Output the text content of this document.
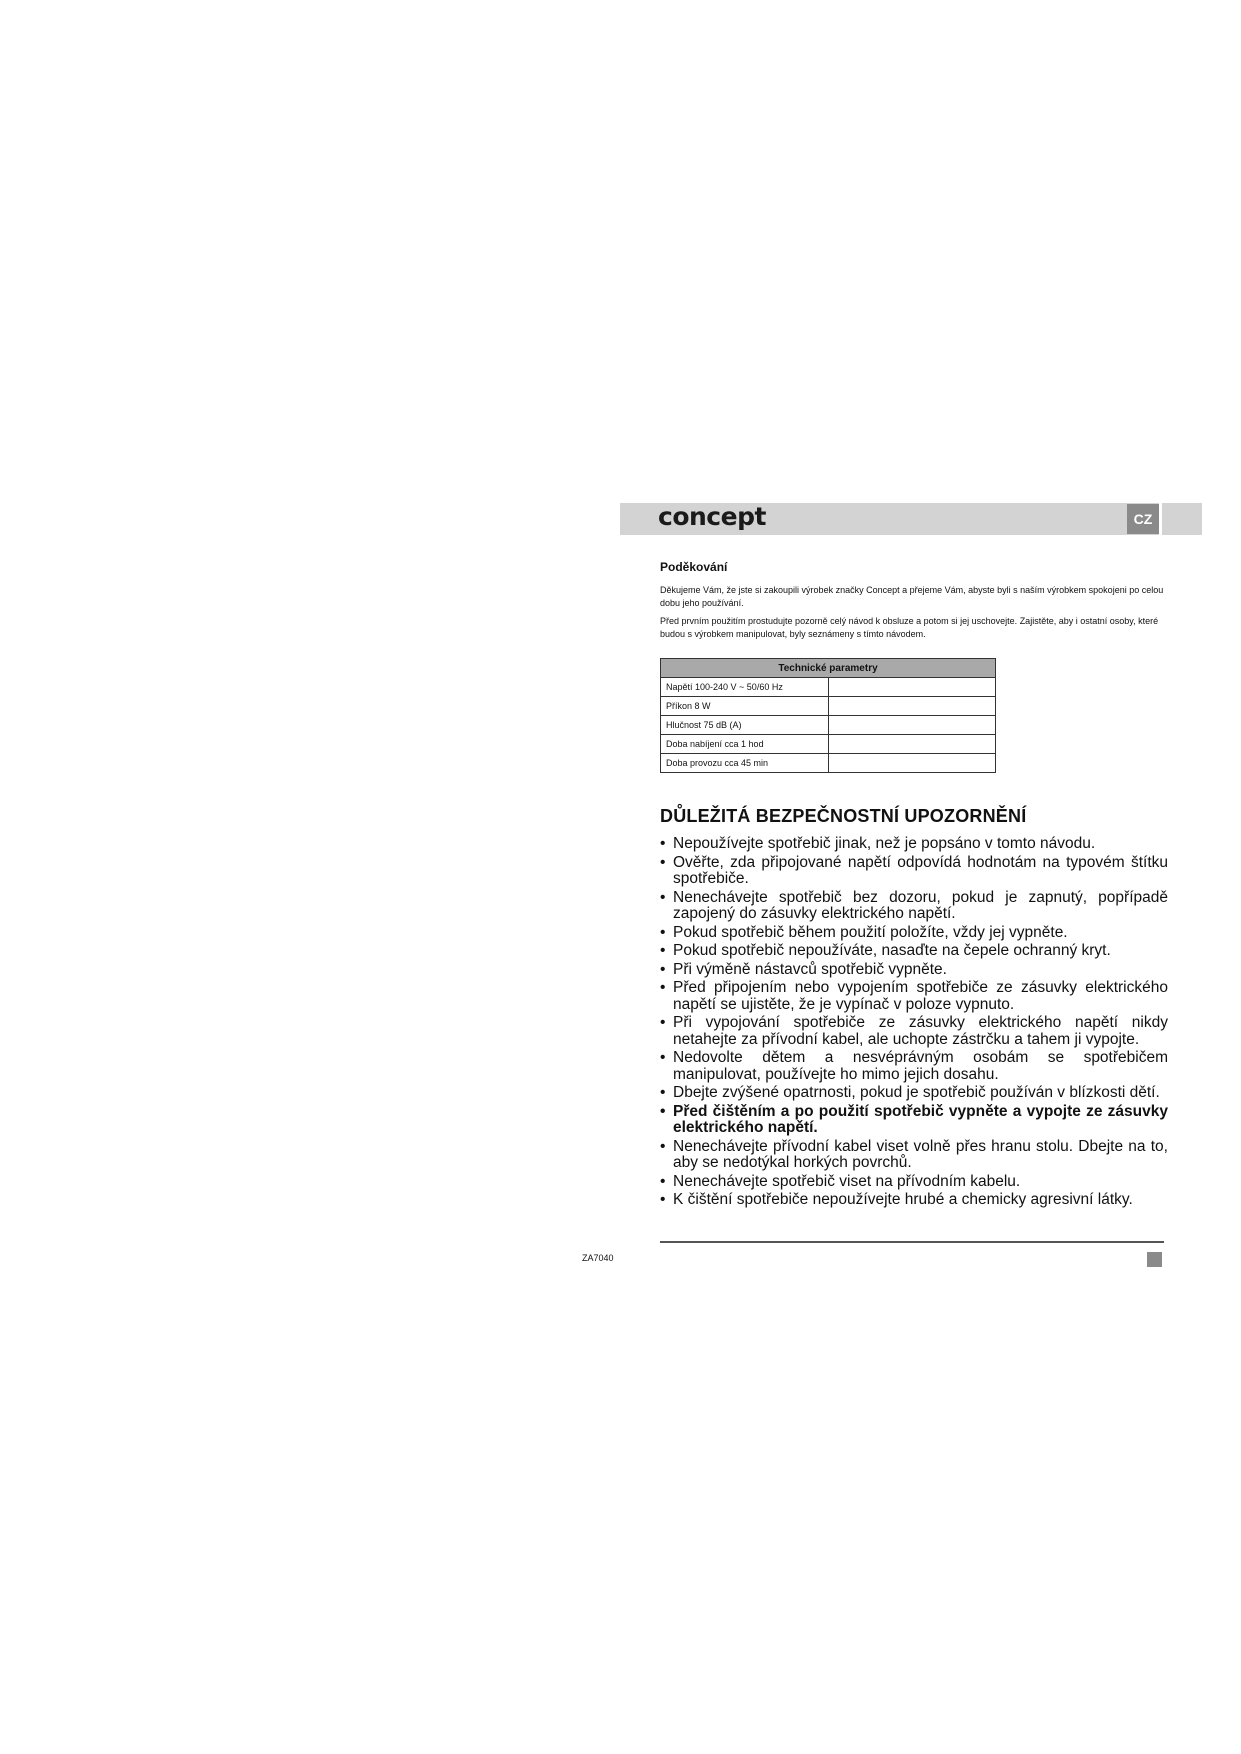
concept	CZ

Poděkování

Děkujeme Vám, že jste si zakoupili výrobek značky Concept a přejeme Vám, abyste byli s naším výrobkem spokojeni po celou dobu jeho používání.

Před prvním použitím prostudujte pozorně celý návod k obsluze a potom si jej uschovejte. Zajistěte, aby i ostatní osoby, které budou s výrobkem manipulovat, byly seznámeny s tímto návodem.

Technické parametry	
Napětí 100-240 V ~ 50/60 Hz	
Příkon 8 W	
Hlučnost 75 dB (A)	
Doba nabíjení cca 1 hod	
Doba provozu cca 45 min	
DŮLEŽITÁ BEZPEČNOSTNÍ UPOZORNĚNÍ
• Nepoužívejte spotřebič jinak, než je popsáno v tomto návodu.
• Ověřte, zda připojované napětí odpovídá hodnotám na typovém štítku spotřebiče.
• Nenechávejte spotřebič bez dozoru, pokud je zapnutý, popřípadě zapojený do zásuvky elektrického napětí.
• Pokud spotřebič během použití položíte, vždy jej vypněte.
• Pokud spotřebič nepoužíváte, nasaďte na čepele ochranný kryt.
• Při výměně nástavců spotřebič vypněte.
• Před připojením nebo vypojením spotřebiče ze zásuvky elektrického napětí se ujistěte, že je vypínač v poloze vypnuto.
• Při vypojování spotřebiče ze zásuvky elektrického napětí nikdy netahejte za přívodní kabel, ale uchopte zástrčku a tahem ji vypojte.
• Nedovolte dětem a nesvéprávným osobám se spotřebičem manipulovat, používejte ho mimo jejich dosahu.
• Dbejte zvýšené opatrnosti, pokud je spotřebič používán v blízkosti dětí.
• Před čištěním a po použití spotřebič vypněte a vypojte ze zásuvky elektrického napětí.
• Nenechávejte přívodní kabel viset volně přes hranu stolu. Dbejte na to, aby se nedotýkal horkých povrchů.
• Nenechávejte spotřebič viset na přívodním kabelu.
• K čištění spotřebiče nepoužívejte hrubé a chemicky agresivní látky.
ZA7040
